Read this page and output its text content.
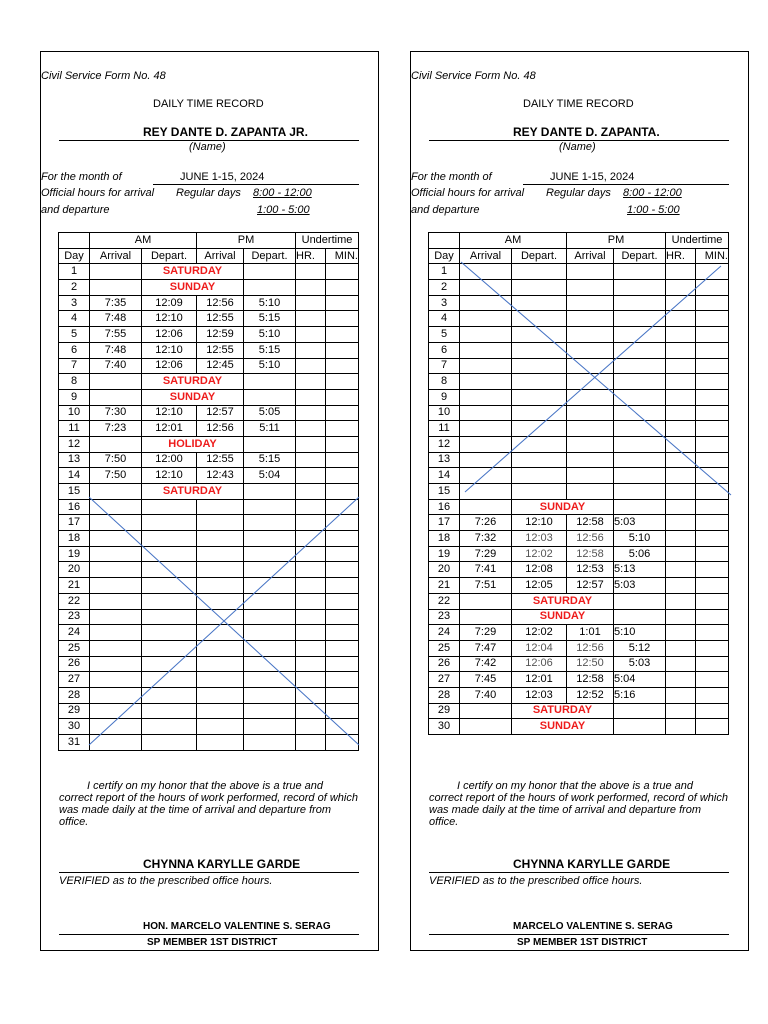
Civil Service Form No. 48
DAILY TIME RECORD
REY DANTE D. ZAPANTA JR.
(Name)
For the month of	JUNE 1-15, 2024
Official hours for arrival Regular days 8:00 - 12:00
and departure	1:00 - 5:00
	AM		PM		Undertime	
Day	Arrival	Depart.	Arrival	Depart.	HR.	MIN.
1		SATURDAY				
2		SUNDAY				
3	7:35	12:09	12:56	5:10		
4	7:48	12:10	12:55	5:15		
5	7:55	12:06	12:59	5:10		
6	7:48	12:10	12:55	5:15		
7	7:40	12:06	12:45	5:10		
8		SATURDAY				
9		SUNDAY				
10	7:30	12:10	12:57	5:05		
11	7:23	12:01	12:56	5:11		
12		HOLIDAY				
13	7:50	12:00	12:55	5:15		
14	7:50	12:10	12:43	5:04		
15		SATURDAY				
16						
17						
18						
19						
20						
21						
22						
23						
24						
25						
26						
27						
28						
29						
30						
31						
I certify on my honor that the above is a true and correct report of the hours of work performed, record of which was made daily at the time of arrival and departure from office.
CHYNNA KARYLLE GARDE
VERIFIED as to the prescribed office hours.
HON. MARCELO VALENTINE S. SERAG
SP MEMBER 1ST DISTRICT
Civil Service Form No. 48
DAILY TIME RECORD
REY DANTE D. ZAPANTA.
(Name)
For the month of	JUNE 1-15, 2024
Official hours for arrival Regular days 8:00 - 12:00
and departure	1:00 - 5:00
	AM		PM		Undertime	
Day	Arrival	Depart.	Arrival	Depart.	HR.	MIN.
1						
2						
3						
4						
5						
6						
7						
8						
9						
10						
11						
12						
13						
14						
15						
16		SUNDAY				
17	7:26	12:10	12:58	5:03		
18	7:32	12:03	12:56	5:10		
19	7:29	12:02	12:58	5:06		
20	7:41	12:08	12:53	5:13		
21	7:51	12:05	12:57	5:03		
22		SATURDAY				
23		SUNDAY				
24	7:29	12:02	1:01	5:10		
25	7:47	12:04	12:56	5:12		
26	7:42	12:06	12:50	5:03		
27	7:45	12:01	12:58	5:04		
28	7:40	12:03	12:52	5:16		
29		SATURDAY				
30		SUNDAY				
I certify on my honor that the above is a true and correct report of the hours of work performed, record of which was made daily at the time of arrival and departure from office.
CHYNNA KARYLLE GARDE
VERIFIED as to the prescribed office hours.
MARCELO VALENTINE S. SERAG
SP MEMBER 1ST DISTRICT
